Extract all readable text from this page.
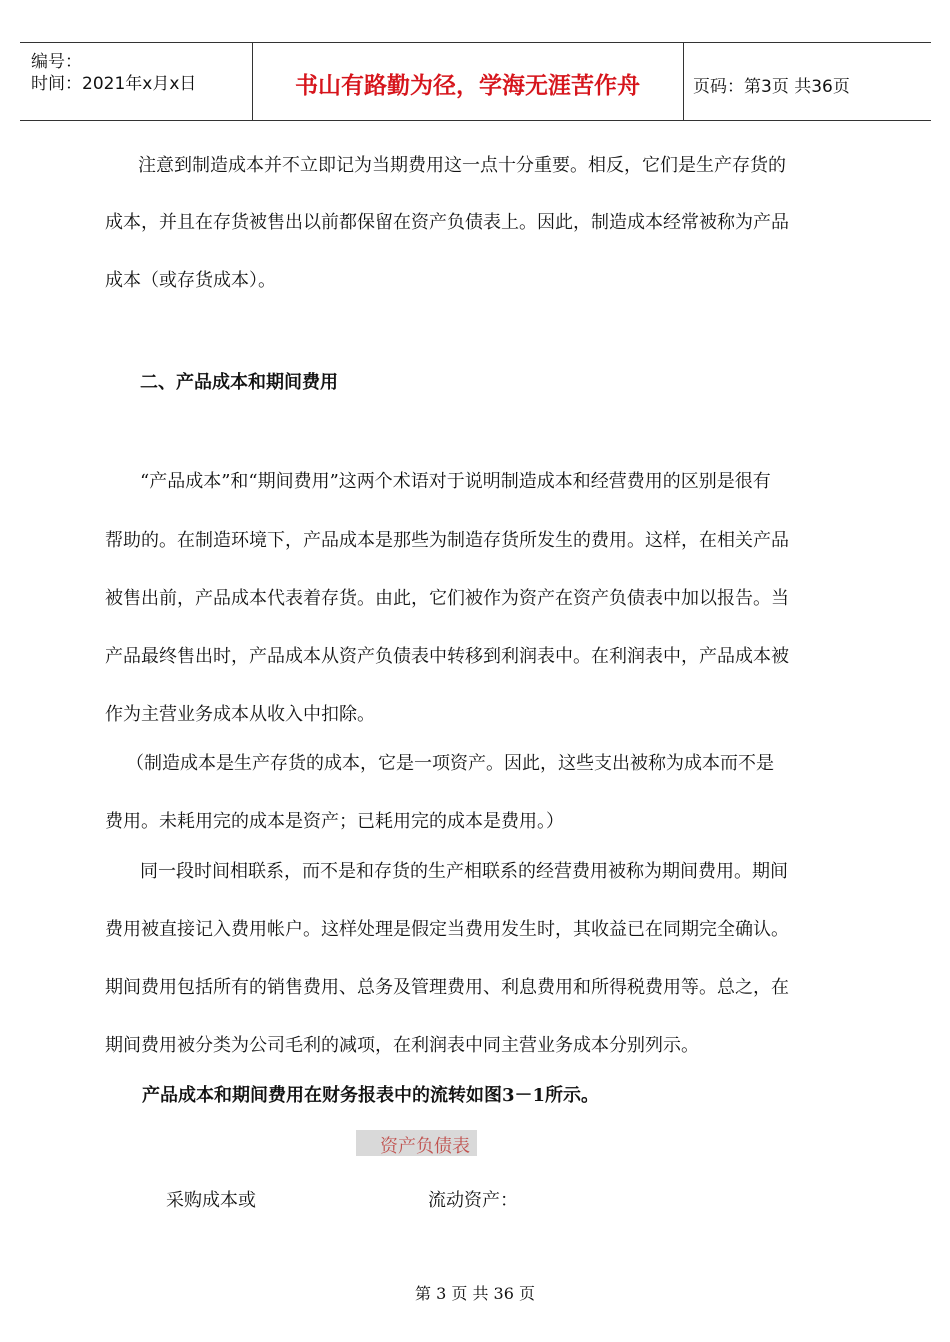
编号：
时间：2021年x月x日	书山有路勤为径，学海无涯苦作舟	页码：第3页 共36页
注意到制造成本并不立即记为当期费用这一点十分重要。相反，它们是生产存货的
成本，并且在存货被售出以前都保留在资产负债表上。因此，制造成本经常被称为产品
成本（或存货成本）。
二、产品成本和期间费用
“产品成本”和“期间费用”这两个术语对于说明制造成本和经营费用的区别是很有
帮助的。在制造环境下，产品成本是那些为制造存货所发生的费用。这样，在相关产品
被售出前，产品成本代表着存货。由此，它们被作为资产在资产负债表中加以报告。当
产品最终售出时，产品成本从资产负债表中转移到利润表中。在利润表中，产品成本被
作为主营业务成本从收入中扣除。
（制造成本是生产存货的成本，它是一项资产。因此，这些支出被称为成本而不是
费用。未耗用完的成本是资产；已耗用完的成本是费用。）
同一段时间相联系，而不是和存货的生产相联系的经营费用被称为期间费用。期间
费用被直接记入费用帐户。这样处理是假定当费用发生时，其收益已在同期完全确认。
期间费用包括所有的销售费用、总务及管理费用、利息费用和所得税费用等。总之，在
期间费用被分类为公司毛利的减项，在利润表中同主营业务成本分别列示。
产品成本和期间费用在财务报表中的流转如图3－1所示。
资产负债表
采购成本或	流动资产：
第 3 页 共 36 页
